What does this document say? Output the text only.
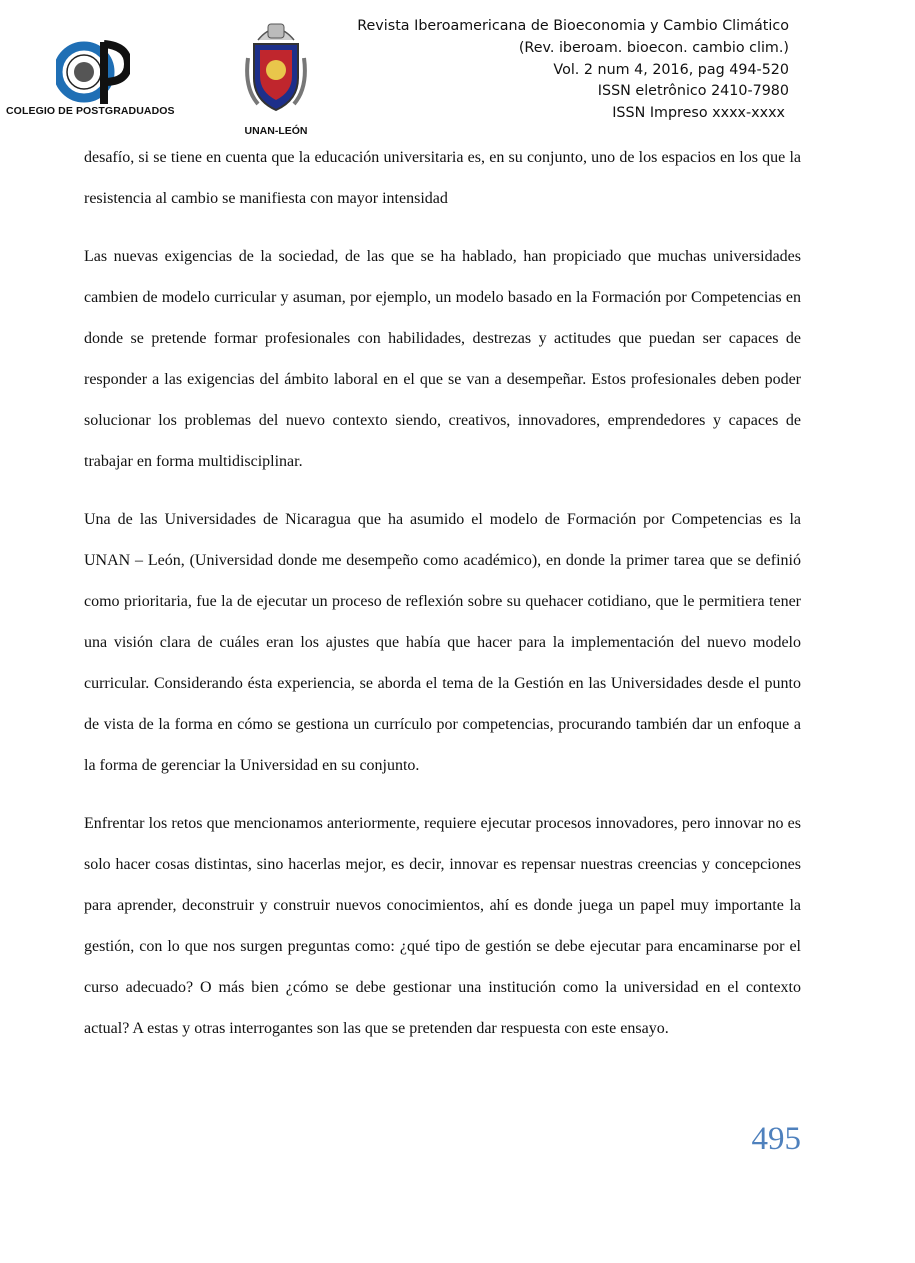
COLEGIO DE POSTGRADUADOS
UNAN-LEÓN
Revista Iberoamericana de Bioeconomia y Cambio Climático
(Rev. iberoam. bioecon. cambio clim.)
Vol. 2 num 4, 2016, pag 494-520
ISSN eletrônico 2410-7980
ISSN Impreso xxxx-xxxx

desafío, si se tiene en cuenta que la educación universitaria es, en su conjunto, uno de los espacios en los que la resistencia al cambio se manifiesta con mayor intensidad

Las nuevas exigencias de la sociedad, de las que se ha hablado, han propiciado que muchas universidades cambien de modelo curricular y asuman, por ejemplo, un modelo basado en la Formación por Competencias en donde se pretende formar profesionales con habilidades, destrezas y actitudes que puedan ser capaces de responder a las exigencias del ámbito laboral en el que se van a desempeñar. Estos profesionales deben poder solucionar los problemas del nuevo contexto siendo, creativos, innovadores, emprendedores y capaces de trabajar en forma multidisciplinar.

Una de las Universidades de Nicaragua que ha asumido el modelo de Formación por Competencias es la UNAN – León, (Universidad donde me desempeño como académico), en donde la primer tarea que se definió como prioritaria, fue la de ejecutar un proceso de reflexión sobre su quehacer cotidiano, que le permitiera tener una visión clara de cuáles eran los ajustes que había que hacer para la implementación del nuevo modelo curricular. Considerando ésta experiencia, se aborda el tema de la Gestión en las Universidades desde el punto de vista de la forma en cómo se gestiona un currículo por competencias, procurando también dar un enfoque a la forma de gerenciar la Universidad en su conjunto.

Enfrentar los retos que mencionamos anteriormente, requiere ejecutar procesos innovadores, pero innovar no es solo hacer cosas distintas, sino hacerlas mejor, es decir, innovar es repensar nuestras creencias y concepciones para aprender, deconstruir y construir nuevos conocimientos, ahí es donde juega un papel muy importante la gestión, con lo que nos surgen preguntas como: ¿qué tipo de gestión se debe ejecutar para encaminarse por el curso adecuado? O más bien ¿cómo se debe gestionar una institución como la universidad en el contexto actual? A estas y otras interrogantes son las que se pretenden dar respuesta con este ensayo.

495
